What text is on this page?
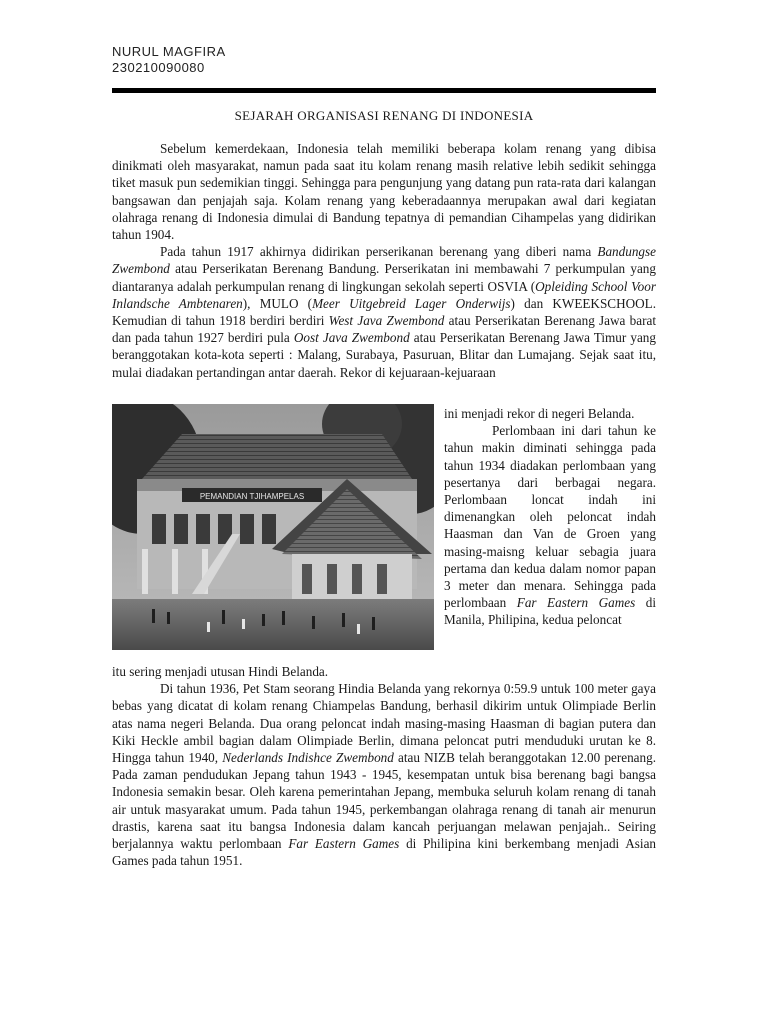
NURUL MAGFIRA
230210090080
SEJARAH ORGANISASI RENANG DI INDONESIA

Sebelum kemerdekaan, Indonesia telah memiliki beberapa kolam renang yang dibisa dinikmati oleh masyarakat, namun pada saat itu kolam renang masih relative lebih sedikit sehingga tiket masuk pun sedemikian tinggi. Sehingga para pengunjung yang datang pun rata-rata dari kalangan bangsawan dan penjajah saja. Kolam renang yang keberadaannya merupakan awal dari kegiatan olahraga renang di Indonesia dimulai di Bandung tepatnya di pemandian Cihampelas yang didirikan tahun 1904.

Pada tahun 1917 akhirnya didirikan perserikanan berenang yang diberi nama Bandungse Zwembond atau Perserikatan Berenang Bandung. Perserikatan ini membawahi 7 perkumpulan yang diantaranya adalah perkumpulan renang di lingkungan sekolah seperti OSVIA (Opleiding School Voor Inlandsche Ambtenaren), MULO (Meer Uitgebreid Lager Onderwijs) dan KWEEKSCHOOL. Kemudian di tahun 1918 berdiri berdiri West Java Zwembond atau Perserikatan Berenang Jawa barat dan pada tahun 1927 berdiri pula Oost Java Zwembond atau Perserikatan Berenang Jawa Timur yang beranggotakan kota-kota seperti : Malang, Surabaya, Pasuruan, Blitar dan Lumajang. Sejak saat itu, mulai diadakan pertandingan antar daerah. Rekor di kejuaraan-kejuaraan

PEMANDIAN TJIHAMPELAS

ini menjadi rekor di negeri Belanda.

Perlombaan ini dari tahun ke tahun makin diminati sehingga pada tahun 1934 diadakan perlombaan yang pesertanya dari berbagai negara. Perlombaan loncat indah ini dimenangkan oleh peloncat indah Haasman dan Van de Groen yang masing-maisng keluar sebagia juara pertama dan kedua dalam nomor papan 3 meter dan menara. Sehingga pada perlombaan Far Eastern Games di Manila, Philipina, kedua peloncat

itu sering menjadi utusan Hindi Belanda.

Di tahun 1936, Pet Stam seorang Hindia Belanda yang rekornya 0:59.9 untuk 100 meter gaya bebas yang dicatat di kolam renang Chiampelas Bandung, berhasil dikirim untuk Olimpiade Berlin atas nama negeri Belanda. Dua orang peloncat indah masing-masing Haasman di bagian putera dan Kiki Heckle ambil bagian dalam Olimpiade Berlin, dimana peloncat putri menduduki urutan ke 8. Hingga tahun 1940, Nederlands Indishce Zwembond atau NIZB telah beranggotakan 12.00 perenang. Pada zaman pendudukan Jepang tahun 1943 - 1945, kesempatan untuk bisa berenang bagi bangsa Indonesia semakin besar. Oleh karena pemerintahan Jepang, membuka seluruh kolam renang di tanah air untuk masyarakat umum. Pada tahun 1945, perkembangan olahraga renang di tanah air menurun drastis, karena saat itu bangsa Indonesia dalam kancah perjuangan melawan penjajah.. Seiring berjalannya waktu perlombaan Far Eastern Games di Philipina kini berkembang menjadi Asian Games pada tahun 1951.
